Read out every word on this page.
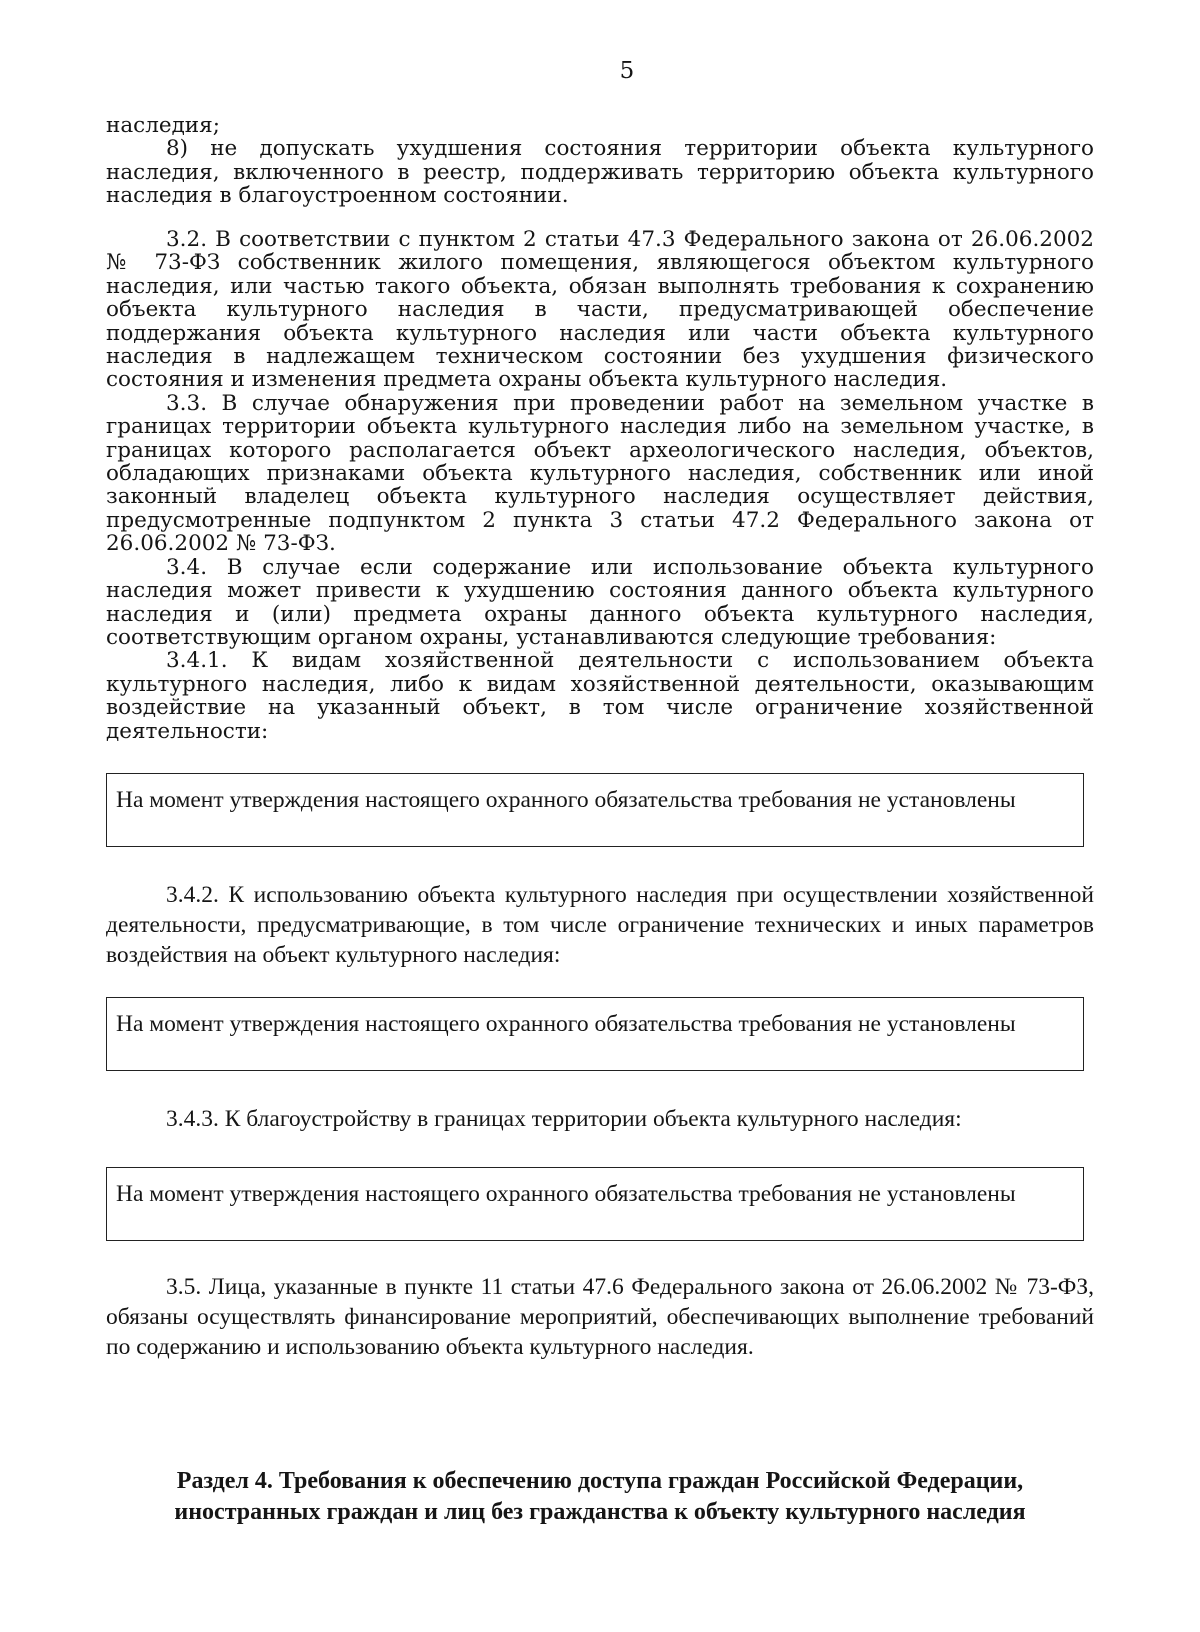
5

наследия;

8) не допускать ухудшения состояния территории объекта культурного наследия, включенного в реестр, поддерживать территорию объекта культурного наследия в благоустроенном состоянии.

3.2. В соответствии с пунктом 2 статьи 47.3 Федерального закона от 26.06.2002 № 73-ФЗ собственник жилого помещения, являющегося объектом культурного наследия, или частью такого объекта, обязан выполнять требования к сохранению объекта культурного наследия в части, предусматривающей обеспечение поддержания объекта культурного наследия или части объекта культурного наследия в надлежащем техническом состоянии без ухудшения физического состояния и изменения предмета охраны объекта культурного наследия.

3.3. В случае обнаружения при проведении работ на земельном участке в границах территории объекта культурного наследия либо на земельном участке, в границах которого располагается объект археологического наследия, объектов, обладающих признаками объекта культурного наследия, собственник или иной законный владелец объекта культурного наследия осуществляет действия, предусмотренные подпунктом 2 пункта 3 статьи 47.2 Федерального закона от 26.06.2002 № 73-ФЗ.

3.4. В случае если содержание или использование объекта культурного наследия может привести к ухудшению состояния данного объекта культурного наследия и (или) предмета охраны данного объекта культурного наследия, соответствующим органом охраны, устанавливаются следующие требования:

3.4.1. К видам хозяйственной деятельности с использованием объекта культурного наследия, либо к видам хозяйственной деятельности, оказывающим воздействие на указанный объект, в том числе ограничение хозяйственной деятельности:

На момент утверждения настоящего охранного обязательства требования не установлены

3.4.2. К использованию объекта культурного наследия при осуществлении хозяйственной деятельности, предусматривающие, в том числе ограничение технических и иных параметров воздействия на объект культурного наследия:

На момент утверждения настоящего охранного обязательства требования не установлены

3.4.3. К благоустройству в границах территории объекта культурного наследия:

На момент утверждения настоящего охранного обязательства требования не установлены

3.5. Лица, указанные в пункте 11 статьи 47.6 Федерального закона от 26.06.2002 № 73-ФЗ, обязаны осуществлять финансирование мероприятий, обеспечивающих выполнение требований по содержанию и использованию объекта культурного наследия.

Раздел 4. Требования к обеспечению доступа граждан Российской Федерации, иностранных граждан и лиц без гражданства к объекту культурного наследия
